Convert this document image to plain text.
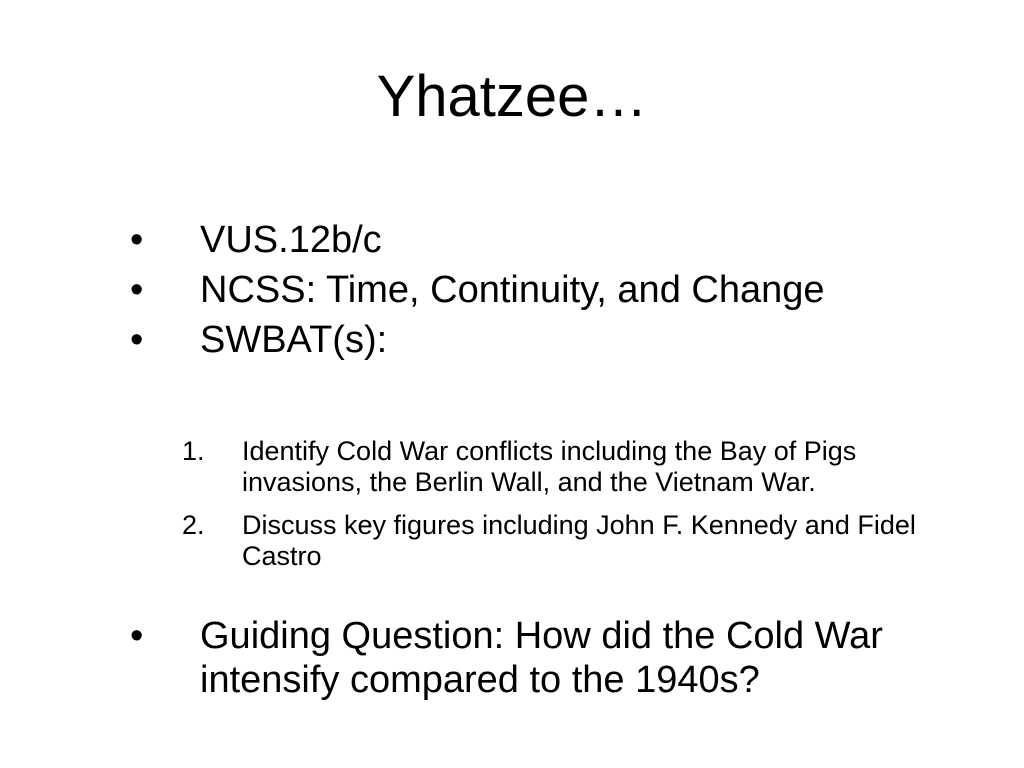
Yhatzee…
•	VUS.12b/c
•	NCSS: Time, Continuity, and Change
•	SWBAT(s):
1.	Identify Cold War conflicts including the Bay of Pigs invasions, the Berlin Wall, and the Vietnam War.
2.	Discuss key figures including John F. Kennedy and Fidel Castro
•	Guiding Question: How did the Cold War intensify compared to the 1940s?
